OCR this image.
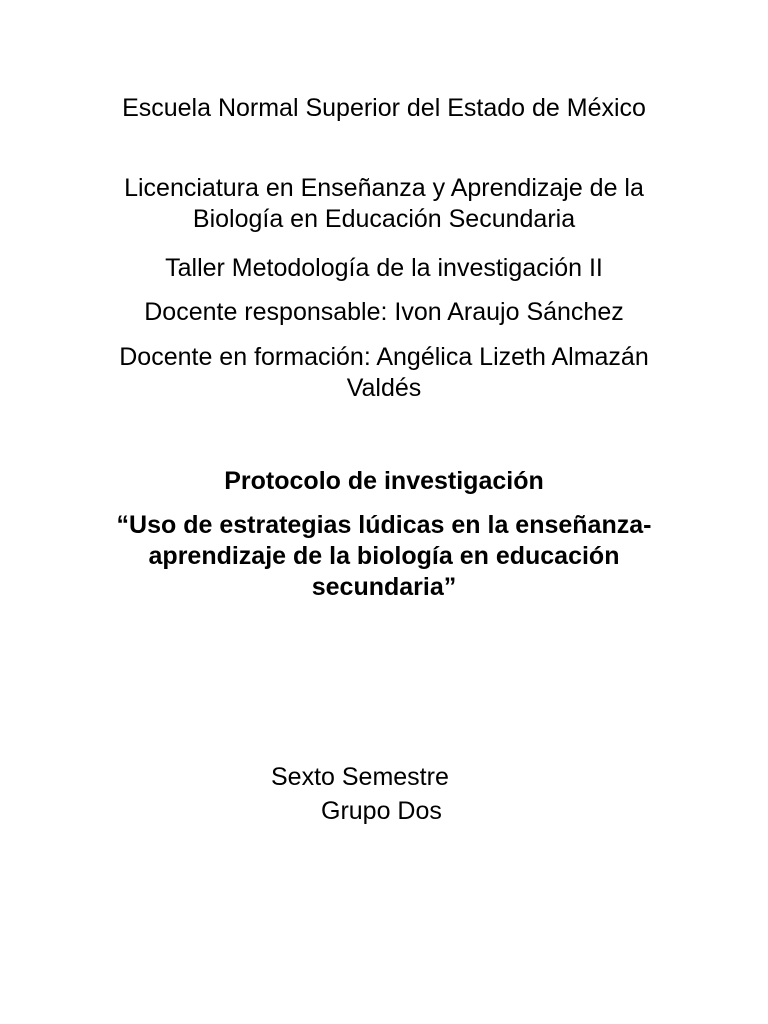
Escuela Normal Superior del Estado de México
Licenciatura en Enseñanza y Aprendizaje de la Biología en Educación Secundaria
Taller Metodología de la investigación II
Docente responsable: Ivon Araujo Sánchez
Docente en formación: Angélica Lizeth Almazán Valdés
Protocolo de investigación
“Uso de estrategias lúdicas en la enseñanza-aprendizaje de la biología en educación secundaria”
Sexto Semestre
Grupo Dos
